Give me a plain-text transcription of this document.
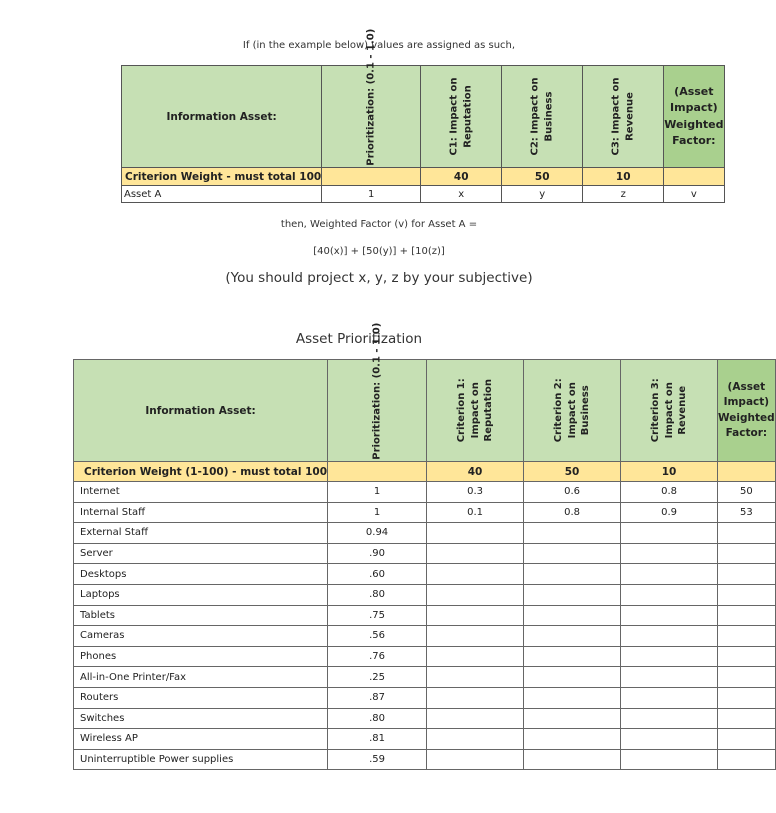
If (in the example below) values are assigned as such,
Information Asset:	Prioritization: (0.1 - 1.0)	C1: Impact on Reputation	C2: Impact on Business	C3: Impact on Revenue	(Asset Impact) Weighted Factor:
Criterion Weight - must total 100		40	50	10	
Asset A	1	x	y	z	v
then, Weighted Factor (v) for Asset A =
[40(x)] + [50(y)] + [10(z)]
(You should project x, y, z by your subjective)
Asset Prioritization
Information Asset:	Prioritization: (0.1 - 1.0)	Criterion 1: Impact on Reputation	Criterion 2: Impact on Business	Criterion 3: Impact on Revenue	(Asset Impact) Weighted Factor:
Criterion Weight (1-100) - must total 100		40	50	10	
Internet	1	0.3	0.6	0.8	50
Internal Staff	1	0.1	0.8	0.9	53
External Staff	0.94				
Server	.90				
Desktops	.60				
Laptops	.80				
Tablets	.75				
Cameras	.56				
Phones	.76				
All-in-One Printer/Fax	.25				
Routers	.87				
Switches	.80				
Wireless AP	.81				
Uninterruptible Power supplies	.59				
